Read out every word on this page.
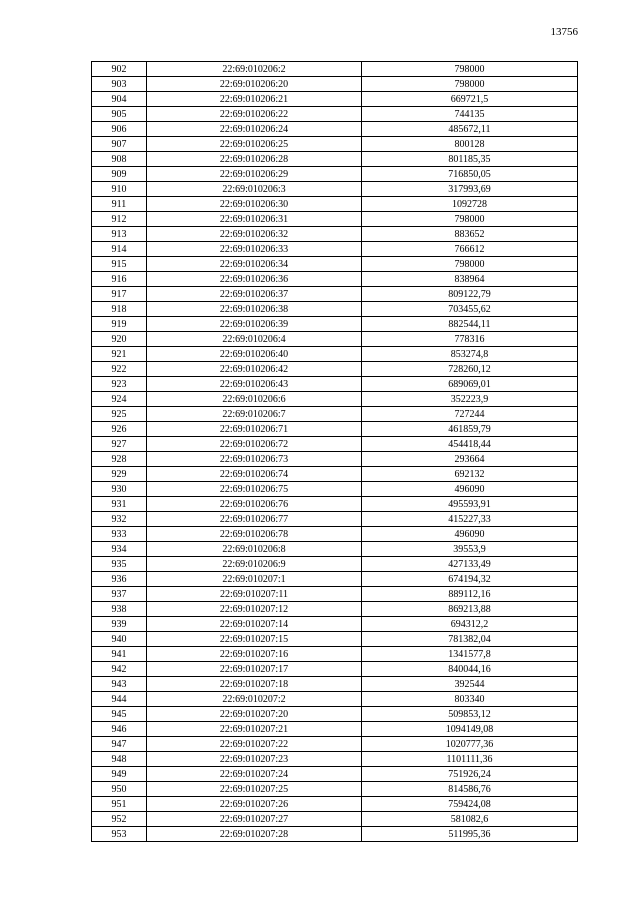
13756
902	22:69:010206:2	798000
903	22:69:010206:20	798000
904	22:69:010206:21	669721,5
905	22:69:010206:22	744135
906	22:69:010206:24	485672,11
907	22:69:010206:25	800128
908	22:69:010206:28	801185,35
909	22:69:010206:29	716850,05
910	22:69:010206:3	317993,69
911	22:69:010206:30	1092728
912	22:69:010206:31	798000
913	22:69:010206:32	883652
914	22:69:010206:33	766612
915	22:69:010206:34	798000
916	22:69:010206:36	838964
917	22:69:010206:37	809122,79
918	22:69:010206:38	703455,62
919	22:69:010206:39	882544,11
920	22:69:010206:4	778316
921	22:69:010206:40	853274,8
922	22:69:010206:42	728260,12
923	22:69:010206:43	689069,01
924	22:69:010206:6	352223,9
925	22:69:010206:7	727244
926	22:69:010206:71	461859,79
927	22:69:010206:72	454418,44
928	22:69:010206:73	293664
929	22:69:010206:74	692132
930	22:69:010206:75	496090
931	22:69:010206:76	495593,91
932	22:69:010206:77	415227,33
933	22:69:010206:78	496090
934	22:69:010206:8	39553,9
935	22:69:010206:9	427133,49
936	22:69:010207:1	674194,32
937	22:69:010207:11	889112,16
938	22:69:010207:12	869213,88
939	22:69:010207:14	694312,2
940	22:69:010207:15	781382,04
941	22:69:010207:16	1341577,8
942	22:69:010207:17	840044,16
943	22:69:010207:18	392544
944	22:69:010207:2	803340
945	22:69:010207:20	509853,12
946	22:69:010207:21	1094149,08
947	22:69:010207:22	1020777,36
948	22:69:010207:23	1101111,36
949	22:69:010207:24	751926,24
950	22:69:010207:25	814586,76
951	22:69:010207:26	759424,08
952	22:69:010207:27	581082,6
953	22:69:010207:28	511995,36
